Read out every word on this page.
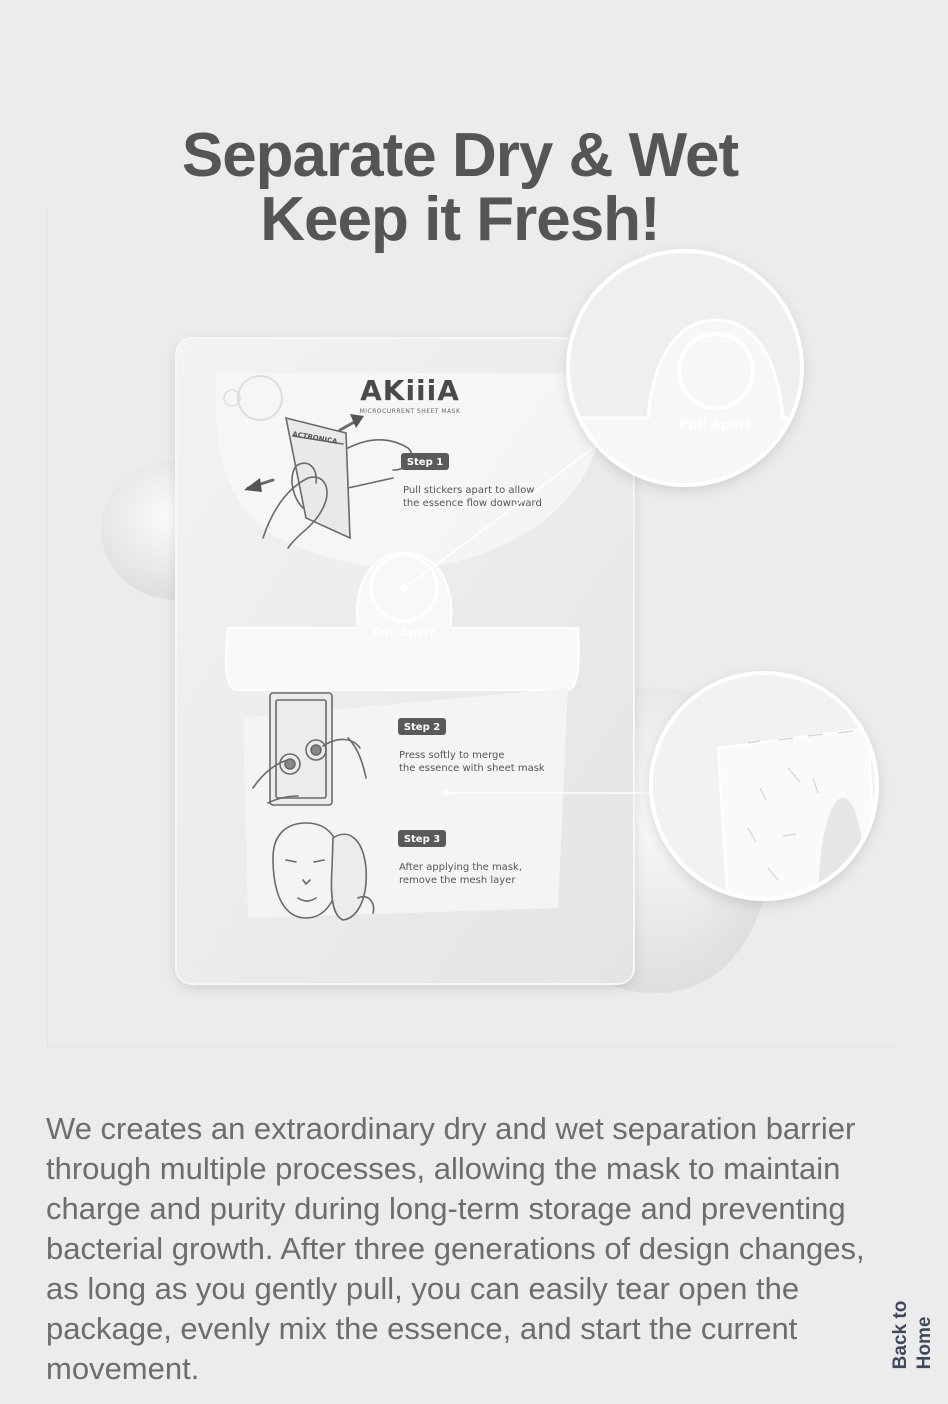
Separate Dry & Wet
Keep it Fresh!
AKiiiA
MICROCURRENT SHEET MASK
ACTRONICA
Step 1
Pull stickers apart to allow
the essence flow downward
Pull Apart
Step 2
Press softly to merge
the essence with sheet mask
Step 3
After applying the mask,
remove the mesh layer
Pull Apart

We creates an extraordinary dry and wet separation barrier through multiple processes, allowing the mask to maintain charge and purity during long-term storage and preventing bacterial growth. After three generations of design changes, as long as you gently pull, you can easily tear open the package, evenly mix the essence, and start the current movement.	Back to Home
